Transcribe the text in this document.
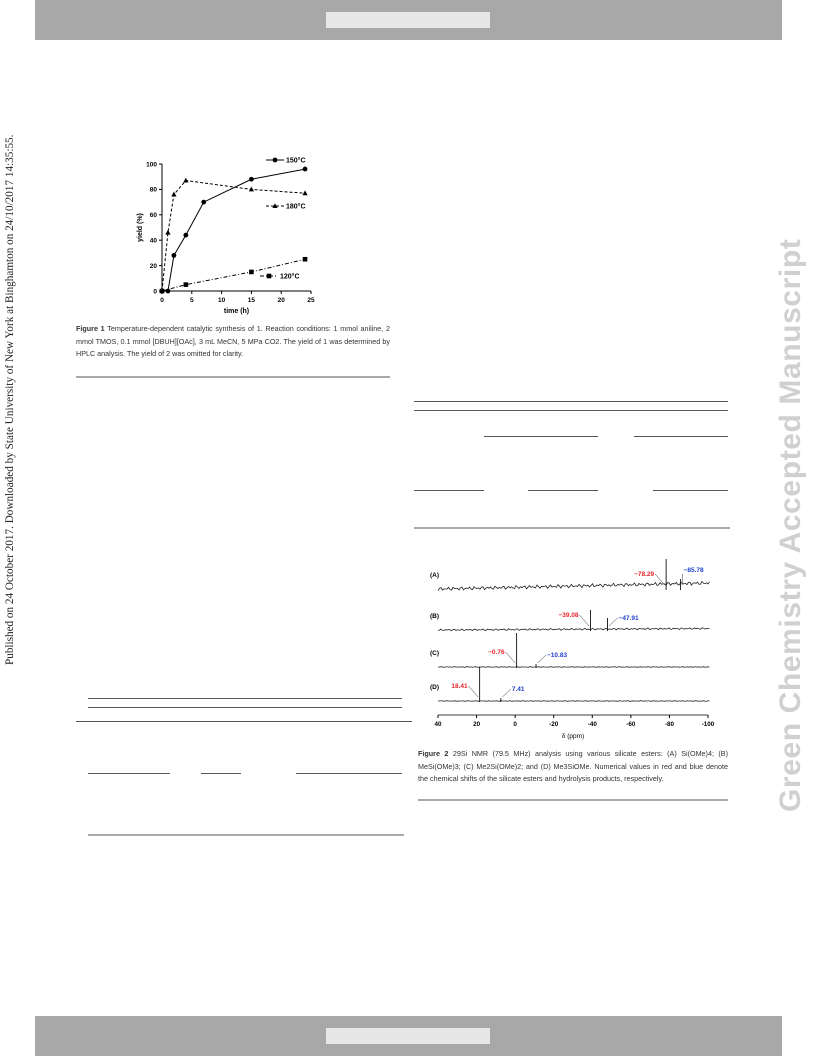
Published on 24 October 2017. Downloaded by State University of New York at Binghamton on 24/10/2017 14:35:55.	Green Chemistry Accepted Manuscript
0	5	10	15	20	25
0
20
40
60
80
100
time (h)
yield (%)
150°C
180°C
120°C
Figure 1 Temperature-dependent catalytic synthesis of 1. Reaction conditions: 1 mmol aniline, 2 mmol TMOS, 0.1 mmol [DBUH][OAc], 3 mL MeCN, 5 MPa CO2. The yield of 1 was determined by HPLC analysis. The yield of 2 was omitted for clarity.
(A)	−78.29
−85.78
(B)	−39.08	−47.91
(C)	−0.76	−10.83
(D) 18.41	7.41
40	20	0	-20	-40	-60	-80	-100
δ (ppm)
Figure 2 29Si NMR (79.5 MHz) analysis using various silicate esters: (A) Si(OMe)4; (B) MeSi(OMe)3; (C) Me2Si(OMe)2; and (D) Me3SiOMe. Numerical values in red and blue denote the chemical shifts of the silicate esters and hydrolysis products, respectively.
